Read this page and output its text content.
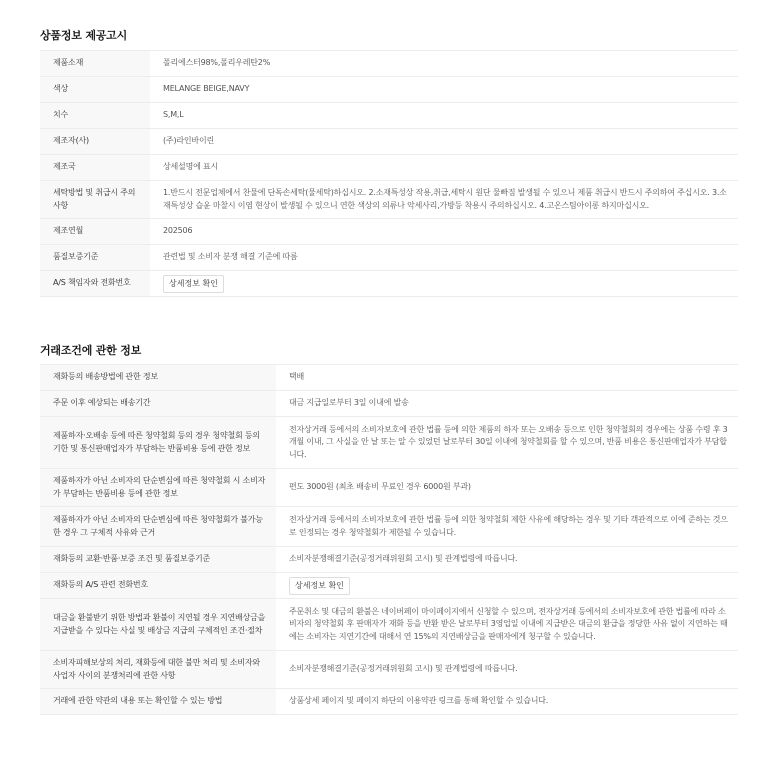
상품정보 제공고시
제품소재	폴리에스터98%,폴리우레탄2%
색상	MELANGE BEIGE,NAVY
치수	S,M,L
제조자(사)	(주)라인바이린
제조국	상세설명에 표시
세탁방법 및 취급시 주의사항	1.반드시 전문업체에서 찬물에 단독손세탁(물세탁)하십시오. 2.소재특성상 작용,취급,세탁시 원단 물빠짐 발생될 수 있으니 제품 취급시 반드시 주의하여 주십시오. 3.소재특성상 습윤 마찰시 이염 현상이 발생될 수 있으니 연한 색상의 의류나 악세사리,가방등 착용시 주의하십시오. 4.고온스팀아이롱 하지마십시오.
제조연월	202506
품질보증기준	관련법 및 소비자 분쟁 해결 기준에 따름
A/S 책임자와 전화번호	상세정보 확인
거래조건에 관한 정보
재화등의 배송방법에 관한 정보	택배
주문 이후 예상되는 배송기간	대금 지급일로부터 3일 이내에 발송
제품하자·오배송 등에 따른 청약철회 등의 경우 청약철회 등의 기한 및 통신판매업자가 부담하는 반품비용 등에 관한 정보	전자상거래 등에서의 소비자보호에 관한 법률 등에 의한 제품의 하자 또는 오배송 등으로 인한 청약철회의 경우에는 상품 수령 후 3개월 이내, 그 사실을 안 날 또는 알 수 있었던 날로부터 30일 이내에 청약철회를 할 수 있으며, 반품 비용은 통신판매업자가 부담합니다.
제품하자가 아닌 소비자의 단순변심에 따른 청약철회 시 소비자가 부담하는 반품비용 등에 관한 정보	편도 3000원 (최초 배송비 무료인 경우 6000원 부과)
제품하자가 아닌 소비자의 단순변심에 따른 청약철회가 불가능한 경우 그 구체적 사유와 근거	전자상거래 등에서의 소비자보호에 관한 법률 등에 의한 청약철회 제한 사유에 해당하는 경우 및 기타 객관적으로 이에 준하는 것으로 인정되는 경우 청약철회가 제한될 수 있습니다.
재화등의 교환·반품·보증 조건 및 품질보증기준	소비자분쟁해결기준(공정거래위원회 고시) 및 관계법령에 따릅니다.
재화등의 A/S 관련 전화번호	상세정보 확인
대금을 환불받기 위한 방법과 환불이 지연될 경우 지연배상금을 지급받을 수 있다는 사실 및 배상금 지급의 구체적인 조건·절차	주문취소 및 대금의 환불은 네이버페이 마이페이지에서 신청할 수 있으며, 전자상거래 등에서의 소비자보호에 관한 법률에 따라 소비자의 청약철회 후 판매자가 재화 등을 반환 받은 날로부터 3영업일 이내에 지급받은 대금의 환급을 정당한 사유 없이 지연하는 때에는 소비자는 지연기간에 대해서 연 15%의 지연배상금을 판매자에게 청구할 수 있습니다.
소비자피해보상의 처리, 재화등에 대한 불만 처리 및 소비자와 사업자 사이의 분쟁처리에 관한 사항	소비자분쟁해결기준(공정거래위원회 고시) 및 관계법령에 따릅니다.
거래에 관한 약관의 내용 또는 확인할 수 있는 방법	상품상세 페이지 및 페이지 하단의 이용약관 링크를 통해 확인할 수 있습니다.
